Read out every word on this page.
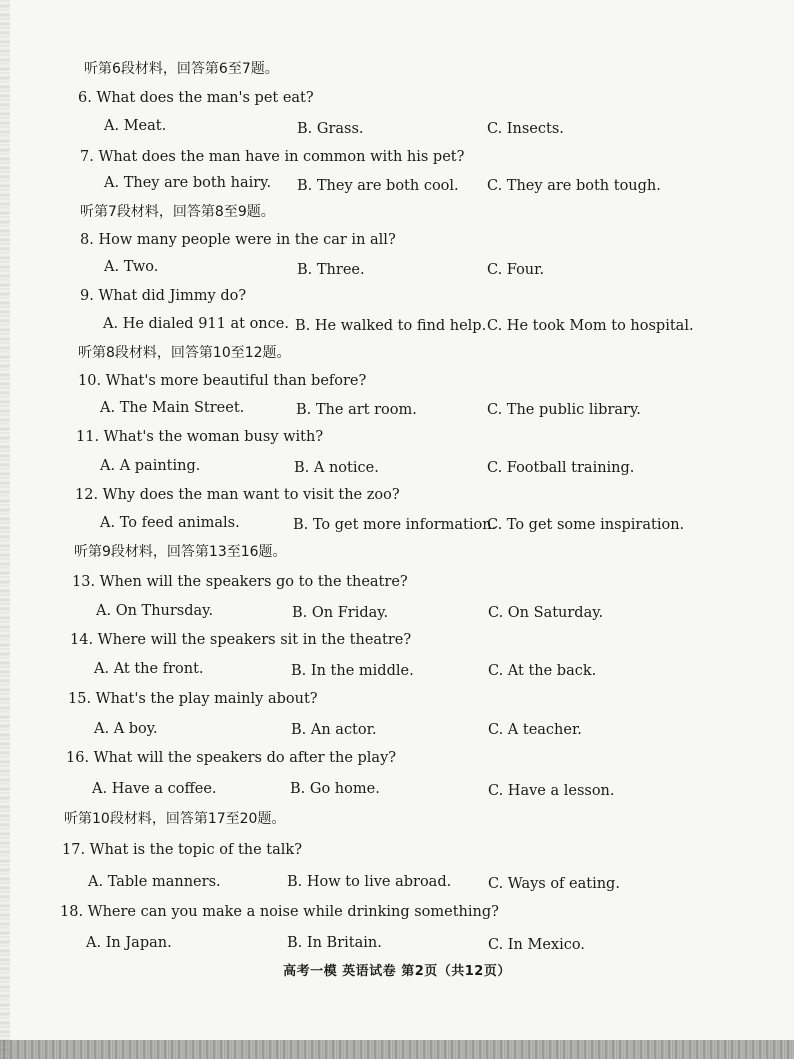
听第6段材料，回答第6至7题。
6. What does the man's pet eat?
A. Meat.	B. Grass.	C. Insects.
7. What does the man have in common with his pet?
A. They are both hairy. B. They are both cool. C. They are both tough.
听第7段材料，回答第8至9题。
8. How many people were in the car in all?
A. Two.	B. Three.	C. Four.
9. What did Jimmy do?
A. He dialed 911 at once. B. He walked to find help. C. He took Mom to hospital.
听第8段材料，回答第10至12题。
10. What's more beautiful than before?
A. The Main Street.	B. The art room.	C. The public library.
11. What's the woman busy with?
A. A painting.	B. A notice.	C. Football training.
12. Why does the man want to visit the zoo?
A. To feed animals.	B. To get more information.
C. To get some inspiration.
听第9段材料，回答第13至16题。
13. When will the speakers go to the theatre?
A. On Thursday.	B. On Friday.	C. On Saturday.
14. Where will the speakers sit in the theatre?
A. At the front.	B. In the middle.	C. At the back.
15. What's the play mainly about?
A. A boy.	B. An actor.	C. A teacher.
16. What will the speakers do after the play?
A. Have a coffee.	B. Go home.	C. Have a lesson.
听第10段材料，回答第17至20题。
17. What is the topic of the talk?
A. Table manners.	B. How to live abroad.	C. Ways of eating.
18. Where can you make a noise while drinking something?
A. In Japan.	B. In Britain.	C. In Mexico.
高考一模 英语试卷 第2页（共12页）
